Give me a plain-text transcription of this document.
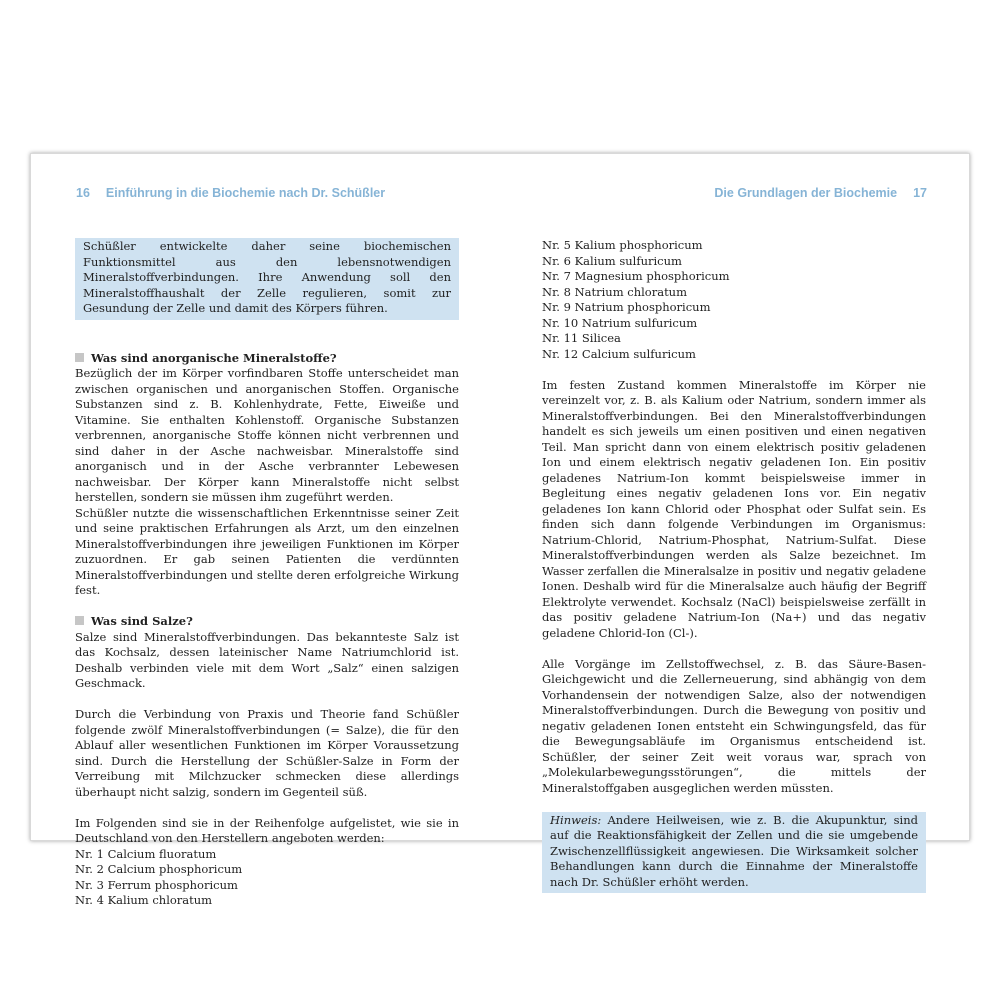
16 Einführung in die Biochemie nach Dr. Schüßler	Die Grundlagen der Biochemie 17

Schüßler entwickelte daher seine biochemischen Funktionsmittel aus den lebensnotwendigen Mineralstoffverbindungen. Ihre Anwendung soll den Mineralstoffhaushalt der Zelle regulieren, somit zur Gesundung der Zelle und damit des Körpers führen.

Was sind anorganische Mineralstoffe?

Bezüglich der im Körper vorfindbaren Stoffe unterscheidet man zwischen organischen und anorganischen Stoffen. Organische Substanzen sind z. B. Kohlenhydrate, Fette, Eiweiße und Vitamine. Sie enthalten Kohlenstoff. Organische Substanzen verbrennen, anorganische Stoffe können nicht verbrennen und sind daher in der Asche nachweisbar. Mineralstoffe sind anorganisch und in der Asche verbrannter Lebewesen nachweisbar. Der Körper kann Mineralstoffe nicht selbst herstellen, sondern sie müssen ihm zugeführt werden.

Schüßler nutzte die wissenschaftlichen Erkenntnisse seiner Zeit und seine praktischen Erfahrungen als Arzt, um den einzelnen Mineralstoffverbindungen ihre jeweiligen Funktionen im Körper zuzuordnen. Er gab seinen Patienten die verdünnten Mineralstoffverbindungen und stellte deren erfolgreiche Wirkung fest.

Was sind Salze?

Salze sind Mineralstoffverbindungen. Das bekannteste Salz ist das Kochsalz, dessen lateinischer Name Natriumchlorid ist. Deshalb verbinden viele mit dem Wort „Salz“ einen salzigen Geschmack.

Durch die Verbindung von Praxis und Theorie fand Schüßler folgende zwölf Mineralstoffverbindungen (= Salze), die für den Ablauf aller wesentlichen Funktionen im Körper Voraussetzung sind. Durch die Herstellung der Schüßler-Salze in Form der Verreibung mit Milchzucker schmecken diese allerdings überhaupt nicht salzig, sondern im Gegenteil süß.

Im Folgenden sind sie in der Reihenfolge aufgelistet, wie sie in Deutschland von den Herstellern angeboten werden:

Nr. 1 Calcium fluoratum
Nr. 2 Calcium phosphoricum
Nr. 3 Ferrum phosphoricum
Nr. 4 Kalium chloratum
Nr. 5 Kalium phosphoricum
Nr. 6 Kalium sulfuricum
Nr. 7 Magnesium phosphoricum
Nr. 8 Natrium chloratum
Nr. 9 Natrium phosphoricum
Nr. 10 Natrium sulfuricum
Nr. 11 Silicea
Nr. 12 Calcium sulfuricum

Im festen Zustand kommen Mineralstoffe im Körper nie vereinzelt vor, z. B. als Kalium oder Natrium, sondern immer als Mineralstoffverbindungen. Bei den Mineralstoffverbindungen handelt es sich jeweils um einen positiven und einen negativen Teil. Man spricht dann von einem elektrisch positiv geladenen Ion und einem elektrisch negativ geladenen Ion. Ein positiv geladenes Natrium-Ion kommt beispielsweise immer in Begleitung eines negativ geladenen Ions vor. Ein negativ geladenes Ion kann Chlorid oder Phosphat oder Sulfat sein. Es finden sich dann folgende Verbindungen im Organismus: Natrium-Chlorid, Natrium-Phosphat, Natrium-Sulfat. Diese Mineralstoffverbindungen werden als Salze bezeichnet. Im Wasser zerfallen die Mineralsalze in positiv und negativ geladene Ionen. Deshalb wird für die Mineralsalze auch häufig der Begriff Elektrolyte verwendet. Kochsalz (NaCl) beispielsweise zerfällt in das positiv geladene Natrium-Ion (Na+) und das negativ geladene Chlorid-Ion (Cl-).

Alle Vorgänge im Zellstoffwechsel, z. B. das Säure-Basen-Gleichgewicht und die Zellerneuerung, sind abhängig von dem Vorhandensein der notwendigen Salze, also der notwendigen Mineralstoffverbindungen. Durch die Bewegung von positiv und negativ geladenen Ionen entsteht ein Schwingungsfeld, das für die Bewegungsabläufe im Organismus entscheidend ist. Schüßler, der seiner Zeit weit voraus war, sprach von „Molekularbewegungsstörungen“, die mittels der Mineralstoffgaben ausgeglichen werden müssten.

Hinweis: Andere Heilweisen, wie z. B. die Akupunktur, sind auf die Reaktionsfähigkeit der Zellen und die sie umgebende Zwischenzellflüssigkeit angewiesen. Die Wirksamkeit solcher Behandlungen kann durch die Einnahme der Mineralstoffe nach Dr. Schüßler erhöht werden.
